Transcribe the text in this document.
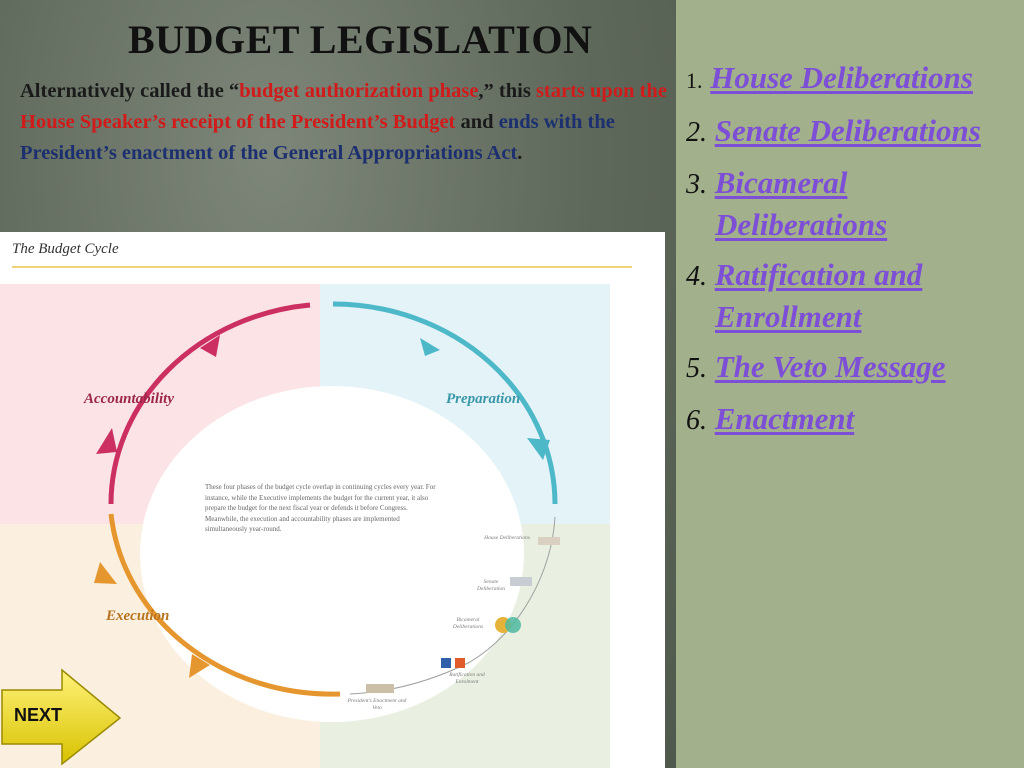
BUDGET LEGISLATION

Alternatively called the “budget authorization phase,” this starts upon the House Speaker’s receipt of the President’s Budget and ends with the President’s enactment of the General Appropriations Act.

The Budget Cycle
Accountability	Preparation
Execution
These four phases of the budget cycle overlap in continuing cycles every year. For instance, while the Executive implements the budget for the current year, it also prepare the budget for the next fiscal year or defends it before Congress. Meanwhile, the execution and accountability phases are implemented simultaneously year-round.
House Deliberations
Senate Deliberation
Bicameral Deliberations
Ratification and Enrolment
President’s Enactment and Veto
1. House Deliberations
2. Senate Deliberations
3. Bicameral Deliberations
4. Ratification and Enrollment
5. The Veto Message
6. Enactment
NEXT
